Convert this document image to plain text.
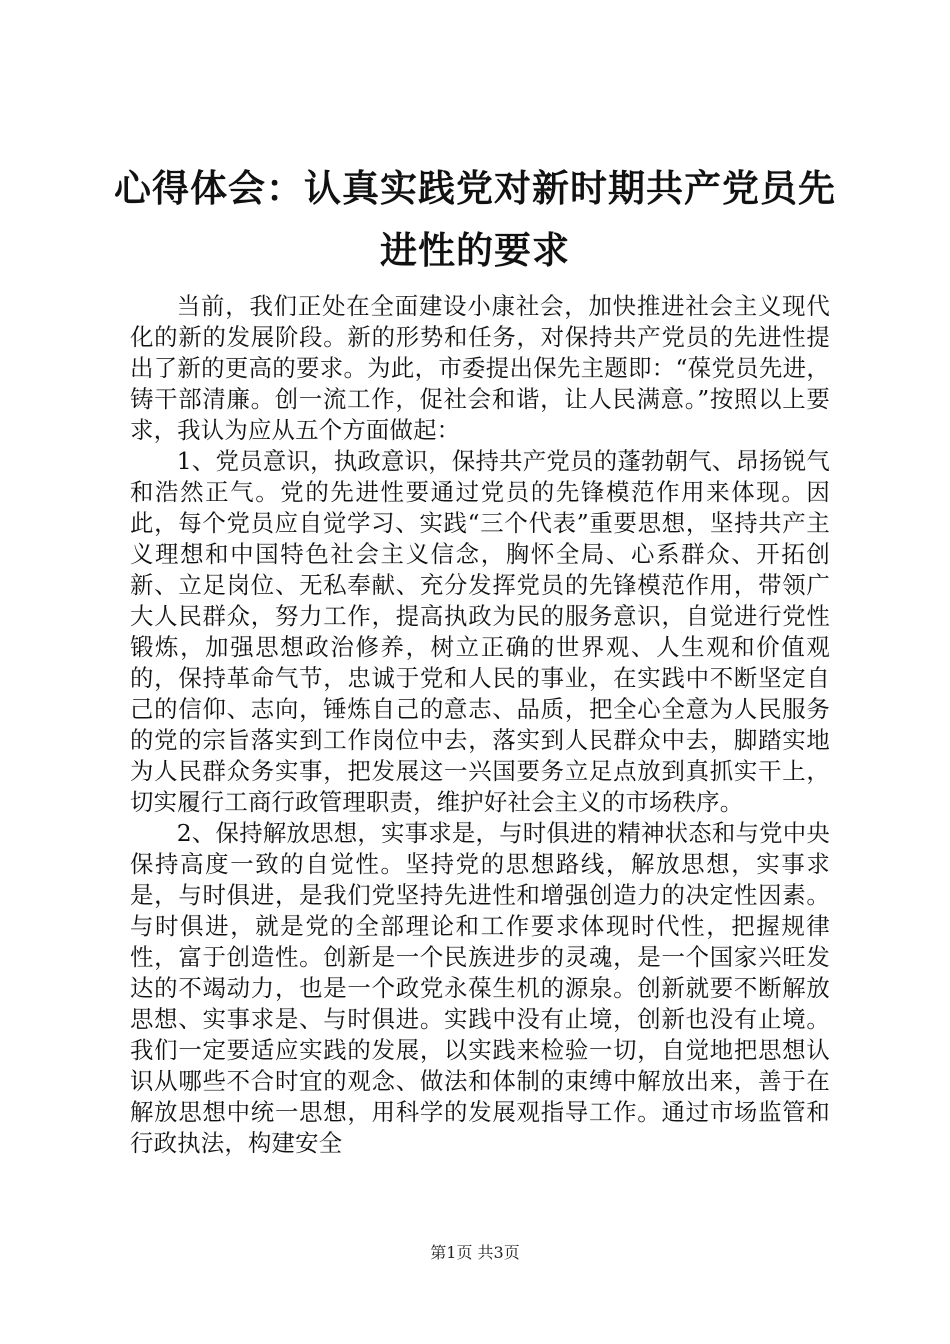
心得体会：认真实践党对新时期共产党员先进性的要求

当前，我们正处在全面建设小康社会，加快推进社会主义现代化的新的发展阶段。新的形势和任务，对保持共产党员的先进性提出了新的更高的要求。为此，市委提出保先主题即：“葆党员先进，铸干部清廉。创一流工作，促社会和谐，让人民满意。”按照以上要求，我认为应从五个方面做起：

1、党员意识，执政意识，保持共产党员的蓬勃朝气、昂扬锐气和浩然正气。党的先进性要通过党员的先锋模范作用来体现。因此，每个党员应自觉学习、实践“三个代表”重要思想，坚持共产主义理想和中国特色社会主义信念，胸怀全局、心系群众、开拓创新、立足岗位、无私奉献、充分发挥党员的先锋模范作用，带领广大人民群众，努力工作，提高执政为民的服务意识，自觉进行党性锻炼，加强思想政治修养，树立正确的世界观、人生观和价值观的，保持革命气节，忠诚于党和人民的事业，在实践中不断坚定自己的信仰、志向，锤炼自己的意志、品质，把全心全意为人民服务的党的宗旨落实到工作岗位中去，落实到人民群众中去，脚踏实地为人民群众务实事，把发展这一兴国要务立足点放到真抓实干上，切实履行工商行政管理职责，维护好社会主义的市场秩序。

2、保持解放思想，实事求是，与时俱进的精神状态和与党中央保持高度一致的自觉性。坚持党的思想路线，解放思想，实事求是，与时俱进，是我们党坚持先进性和增强创造力的决定性因素。与时俱进，就是党的全部理论和工作要求体现时代性，把握规律性，富于创造性。创新是一个民族进步的灵魂，是一个国家兴旺发达的不竭动力，也是一个政党永葆生机的源泉。创新就要不断解放思想、实事求是、与时俱进。实践中没有止境，创新也没有止境。我们一定要适应实践的发展，以实践来检验一切，自觉地把思想认识从哪些不合时宜的观念、做法和体制的束缚中解放出来，善于在解放思想中统一思想，用科学的发展观指导工作。通过市场监管和行政执法，构建安全

第1页 共3页
